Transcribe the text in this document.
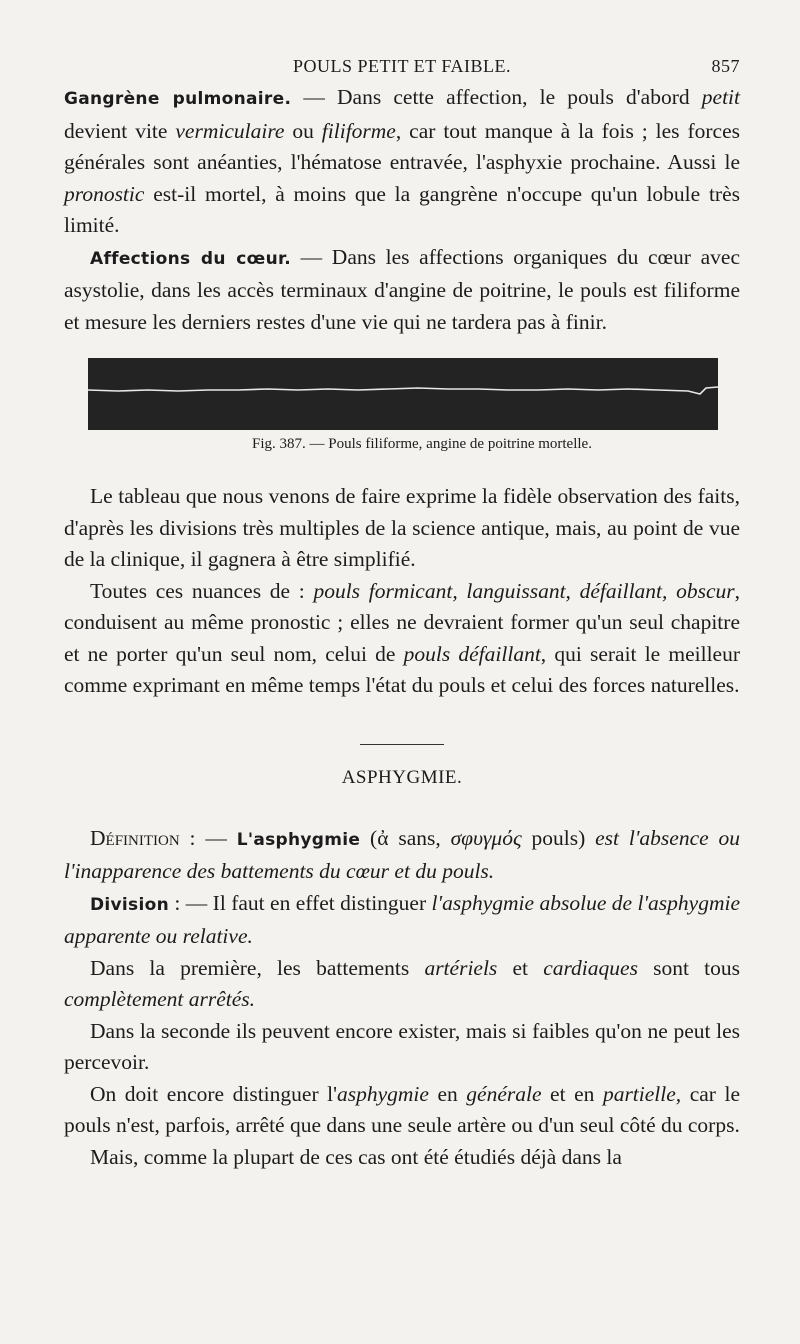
POULS PETIT ET FAIBLE.	857

Gangrène pulmonaire. — Dans cette affection, le pouls d'abord petit devient vite vermiculaire ou filiforme, car tout manque à la fois ; les forces générales sont anéanties, l'hématose entravée, l'asphyxie prochaine. Aussi le pronostic est-il mortel, à moins que la gangrène n'occupe qu'un lobule très limité.

Affections du cœur. — Dans les affections organiques du cœur avec asystolie, dans les accès terminaux d'angine de poitrine, le pouls est filiforme et mesure les derniers restes d'une vie qui ne tardera pas à finir.

Fig. 387. — Pouls filiforme, angine de poitrine mortelle.

Le tableau que nous venons de faire exprime la fidèle observation des faits, d'après les divisions très multiples de la science antique, mais, au point de vue de la clinique, il gagnera à être simplifié.

Toutes ces nuances de : pouls formicant, languissant, défaillant, obscur, conduisent au même pronostic ; elles ne devraient former qu'un seul chapitre et ne porter qu'un seul nom, celui de pouls défaillant, qui serait le meilleur comme exprimant en même temps l'état du pouls et celui des forces naturelles.

ASPHYGMIE.

Définition : — L'asphygmie (ἀ sans, σφυγμός pouls) est l'absence ou l'inapparence des battements du cœur et du pouls.

Division : — Il faut en effet distinguer l'asphygmie absolue de l'asphygmie apparente ou relative.

Dans la première, les battements artériels et cardiaques sont tous complètement arrêtés.

Dans la seconde ils peuvent encore exister, mais si faibles qu'on ne peut les percevoir.

On doit encore distinguer l'asphygmie en générale et en partielle, car le pouls n'est, parfois, arrêté que dans une seule artère ou d'un seul côté du corps.

Mais, comme la plupart de ces cas ont été étudiés déjà dans la
